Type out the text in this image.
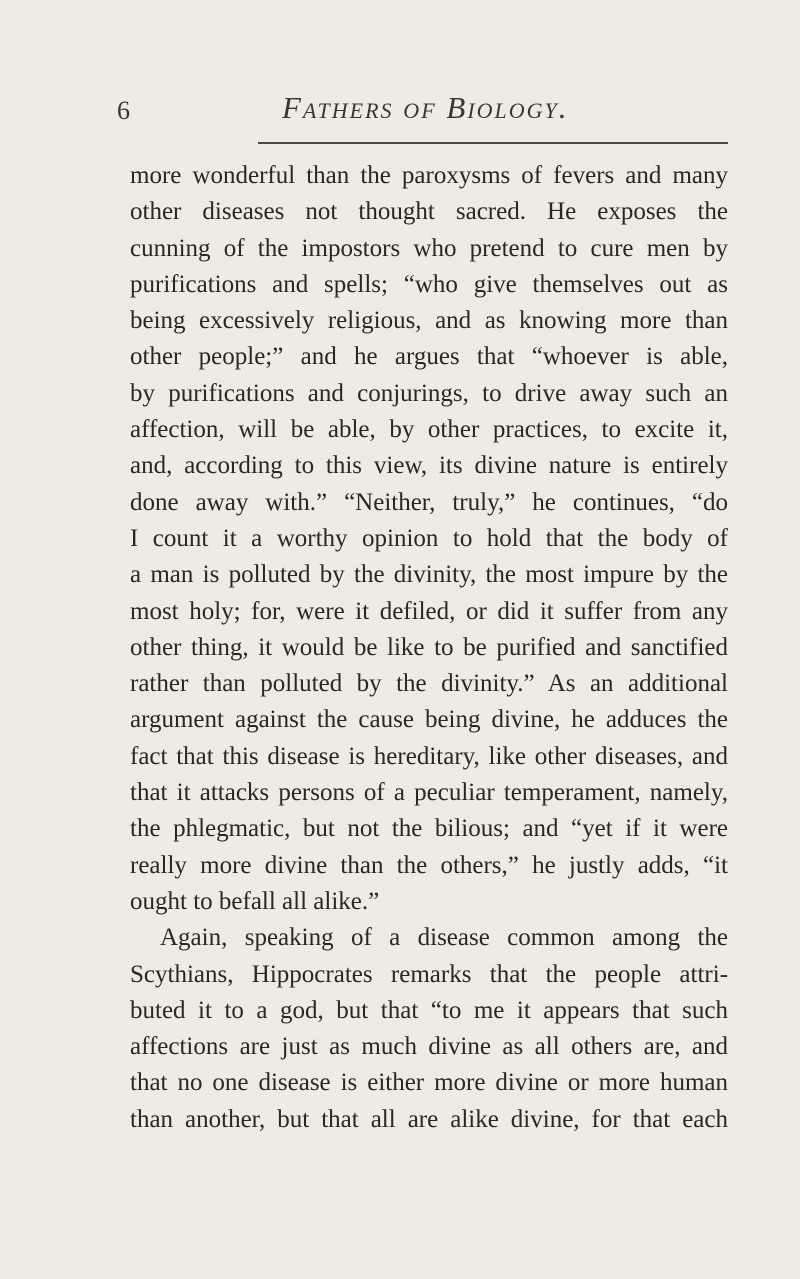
6	Fathers of Biology.
more wonderful than the paroxysms of fevers and many
other diseases not thought sacred. He exposes the
cunning of the impostors who pretend to cure men by
purifications and spells; “who give themselves out as
being excessively religious, and as knowing more than
other people;” and he argues that “whoever is able,
by purifications and conjurings, to drive away such an
affection, will be able, by other practices, to excite it,
and, according to this view, its divine nature is entirely
done away with.” “Neither, truly,” he continues, “do
I count it a worthy opinion to hold that the body of
a man is polluted by the divinity, the most impure by the
most holy; for, were it defiled, or did it suffer from any
other thing, it would be like to be purified and sanctified
rather than polluted by the divinity.” As an additional
argument against the cause being divine, he adduces the
fact that this disease is hereditary, like other diseases, and
that it attacks persons of a peculiar temperament, namely,
the phlegmatic, but not the bilious; and “yet if it were
really more divine than the others,” he justly adds, “it
ought to befall all alike.”
Again, speaking of a disease common among the
Scythians, Hippocrates remarks that the people attri-
buted it to a god, but that “to me it appears that such
affections are just as much divine as all others are, and
that no one disease is either more divine or more human
than another, but that all are alike divine, for that each
